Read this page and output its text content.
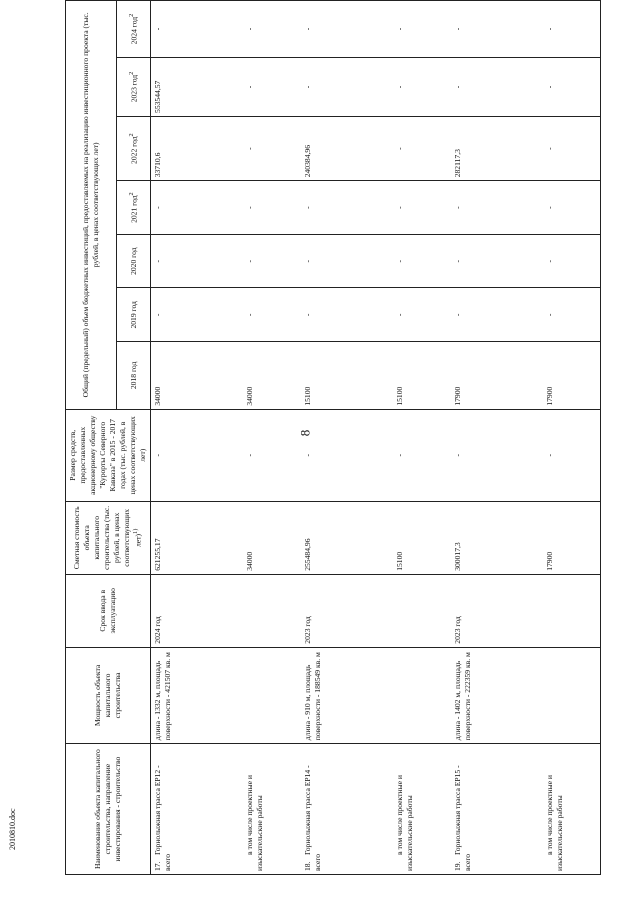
8
2010810.doc	Наименование объекта капитального строительства, направление инвестирования - строительство	Мощность объекта капитального строительства	Срок ввода в эксплуатацию	Сметная стоимость объекта капитального строительства (тыс. рублей, в ценах соответствующих лет)$^{1)}$	Размер средств, предоставленных акционерному обществу "Курорты Северного Кавказа" в 2015 - 2017 годах (тыс. рублей, в ценах соответствующих лет)	Общий (предельный) объем бюджетных инвестиций, предоставляемых на реализацию инвестиционного проекта (тыс. рублей, в ценах соответствующих лет)						
					2018 год	2019 год	2020 год	2021 год$^2$	2022 год$^2$	2023 год$^2$	2024 год$^2$
17.Горнолыжная трасса EP12 - всего	длина - 1332 м, площадь поверхности - 421507 кв. м	2024 год	621255,17	-	34000	-	-	-	33710,6	553544,57	-
в том числе проектные и изыскательские работы			34000	-	34000	-	-	-	-	-	-
18.Горнолыжная трасса EP14 - всего	длина - 910 м, площадь поверхности - 188549 кв. м	2023 год	255484,96	-	15100	-	-	-	240384,96	-	-
в том числе проектные и изыскательские работы			15100	-	15100	-	-	-	-	-	-
19.Горнолыжная трасса EP15 - всего	длина - 1402 м, площадь поверхности - 222359 кв. м	2023 год	300017,3	-	17900	-	-	-	282117,3	-	-
в том числе проектные и изыскательские работы			17900	-	17900	-	-	-	-	-	-
